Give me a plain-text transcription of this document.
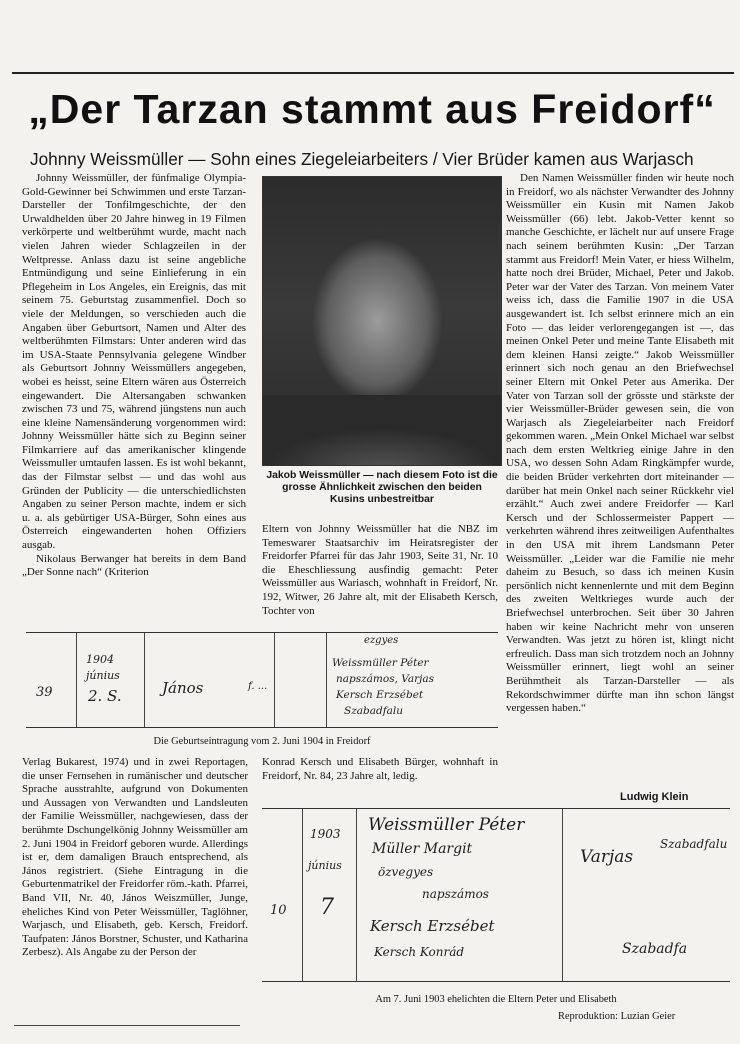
„Der Tarzan stammt aus Freidorf“
Johnny Weissmüller — Sohn eines Ziegeleiarbeiters / Vier Brüder kamen aus Warjasch

Johnny Weissmüller, der fünfmalige Olympia-Gold-Gewinner bei Schwimmen und erste Tarzan-Darsteller der Tonfilmgeschichte, der den Urwaldhelden über 20 Jahre hinweg in 19 Filmen verkörperte und weltberühmt wurde, macht nach vielen Jahren wieder Schlagzeilen in der Weltpresse. Anlass dazu ist seine angebliche Entmündigung und seine Einlieferung in ein Pflegeheim in Los Angeles, ein Ereignis, das mit seinem 75. Geburtstag zusammenfiel. Doch so viele der Meldungen, so verschieden auch die Angaben über Geburtsort, Namen und Alter des weltberühmten Filmstars: Unter anderen wird das im USA-Staate Pennsylvania gelegene Windber als Geburtsort Johnny Weissmüllers angegeben, wobei es heisst, seine Eltern wären aus Österreich eingewandert. Die Altersangaben schwanken zwischen 73 und 75, während jüngstens nun auch eine kleine Namensänderung vorgenommen wird: Johnny Weissmüller hätte sich zu Beginn seiner Filmkarriere auf das amerikanischer klingende Weissmuller umtaufen lassen. Es ist wohl bekannt, das der Filmstar selbst — und das wohl aus Gründen der Publicity — die unterschiedlichsten Angaben zu seiner Person machte, indem er sich u. a. als gebürtiger USA-Bürger, Sohn eines aus Österreich eingewanderten hohen Offiziers ausgab.

Nikolaus Berwanger hat bereits in dem Band „Der Sonne nach“ (Kriterion

Jakob Weissmüller — nach diesem Foto ist die grosse Ähnlichkeit zwischen den beiden Kusins unbestreitbar

Eltern von Johnny Weissmüller hat die NBZ im Temeswarer Staatsarchiv im Heiratsregister der Freidorfer Pfarrei für das Jahr 1903, Seite 31, Nr. 10 die Eheschliessung ausfindig gemacht: Peter Weissmüller aus Wariasch, wohnhaft in Freidorf, Nr. 192, Witwer, 26 Jahre alt, mit der Elisabeth Kersch, Tochter von

Den Namen Weissmüller finden wir heute noch in Freidorf, wo als nächster Verwandter des Johnny Weissmüller ein Kusin mit Namen Jakob Weissmüller (66) lebt. Jakob-Vetter kennt so manche Geschichte, er lächelt nur auf unsere Frage nach seinem berühmten Kusin: „Der Tarzan stammt aus Freidorf! Mein Vater, er hiess Wilhelm, hatte noch drei Brüder, Michael, Peter und Jakob. Peter war der Vater des Tarzan. Von meinem Vater weiss ich, dass die Familie 1907 in die USA ausgewandert ist. Ich selbst erinnere mich an ein Foto — das leider verlorengegangen ist —, das meinen Onkel Peter und meine Tante Elisabeth mit dem kleinen Hansi zeigte.“ Jakob Weissmüller erinnert sich noch genau an den Briefwechsel seiner Eltern mit Onkel Peter aus Amerika. Der Vater von Tarzan soll der grösste und stärkste der vier Weissmüller-Brüder gewesen sein, die von Warjasch als Ziegeleiarbeiter nach Freidorf gekommen waren. „Mein Onkel Michael war selbst nach dem ersten Weltkrieg einige Jahre in den USA, wo dessen Sohn Adam Ringkämpfer wurde, die beiden Brüder verkehrten dort miteinander — darüber hat mein Onkel nach seiner Rückkehr viel erzählt.“ Auch zwei andere Freidorfer — Karl Kersch und der Schlossermeister Pappert — verkehrten während ihres zeitweiligen Aufenthaltes in den USA mit ihrem Landsmann Peter Weissmüller. „Leider war die Familie nie mehr daheim zu Besuch, so dass ich meinen Kusin persönlich nicht kennenlernte und mit dem Beginn des zweiten Weltkrieges wurde auch der Briefwechsel unterbrochen. Seit über 30 Jahren haben wir keine Nachricht mehr von unseren Verwandten. Was jetzt zu hören ist, klingt nicht erfreulich. Dass man sich trotzdem noch an Johnny Weissmüller erinnert, liegt wohl an seiner Berühmtheit als Tarzan-Darsteller — als Rekordschwimmer dürfte man ihn schon längst vergessen haben.“

Ludwig Klein
39
1904
június
2. S.	János	f. ...
ezgyes
Weissmüller Péter
napszámos, Varjas
Kersch Erzsébet
Szabadfalu
Die Geburtseintragung vom 2. Juni 1904 in Freidorf

Verlag Bukarest, 1974) und in zwei Reportagen, die unser Fernsehen in rumänischer und deutscher Sprache ausstrahlte, aufgrund von Dokumenten und Aussagen von Verwandten und Landsleuten der Familie Weissmüller, nachgewiesen, dass der berühmte Dschungelkönig Johnny Weissmüller am 2. Juni 1904 in Freidorf geboren wurde. Allerdings ist er, dem damaligen Brauch entsprechend, als János registriert. (Siehe Eintragung in die Geburtenmatrikel der Freidorfer röm.-kath. Pfarrei, Band VII, Nr. 40, János Weiszmüller, Junge, eheliches Kind von Peter Weissmüller, Taglöhner, Warjasch, und Elisabeth, geb. Kersch, Freidorf. Taufpaten: János Borstner, Schuster, und Katharina Zerbesz). Als Angabe zu der Person der

Konrad Kersch und Elisabeth Bürger, wohnhaft in Freidorf, Nr. 84, 23 Jahre alt, ledig.

1903
június
10 7
Weissmüller Péter
Müller Margit
özvegyes
napszámos
Kersch Erzsébet
Kersch Konrád
Varjas
Szabadfalu
Szabadfa
Am 7. Juni 1903 ehelichten die Eltern Peter und Elisabeth
Reproduktion: Luzian Geier
